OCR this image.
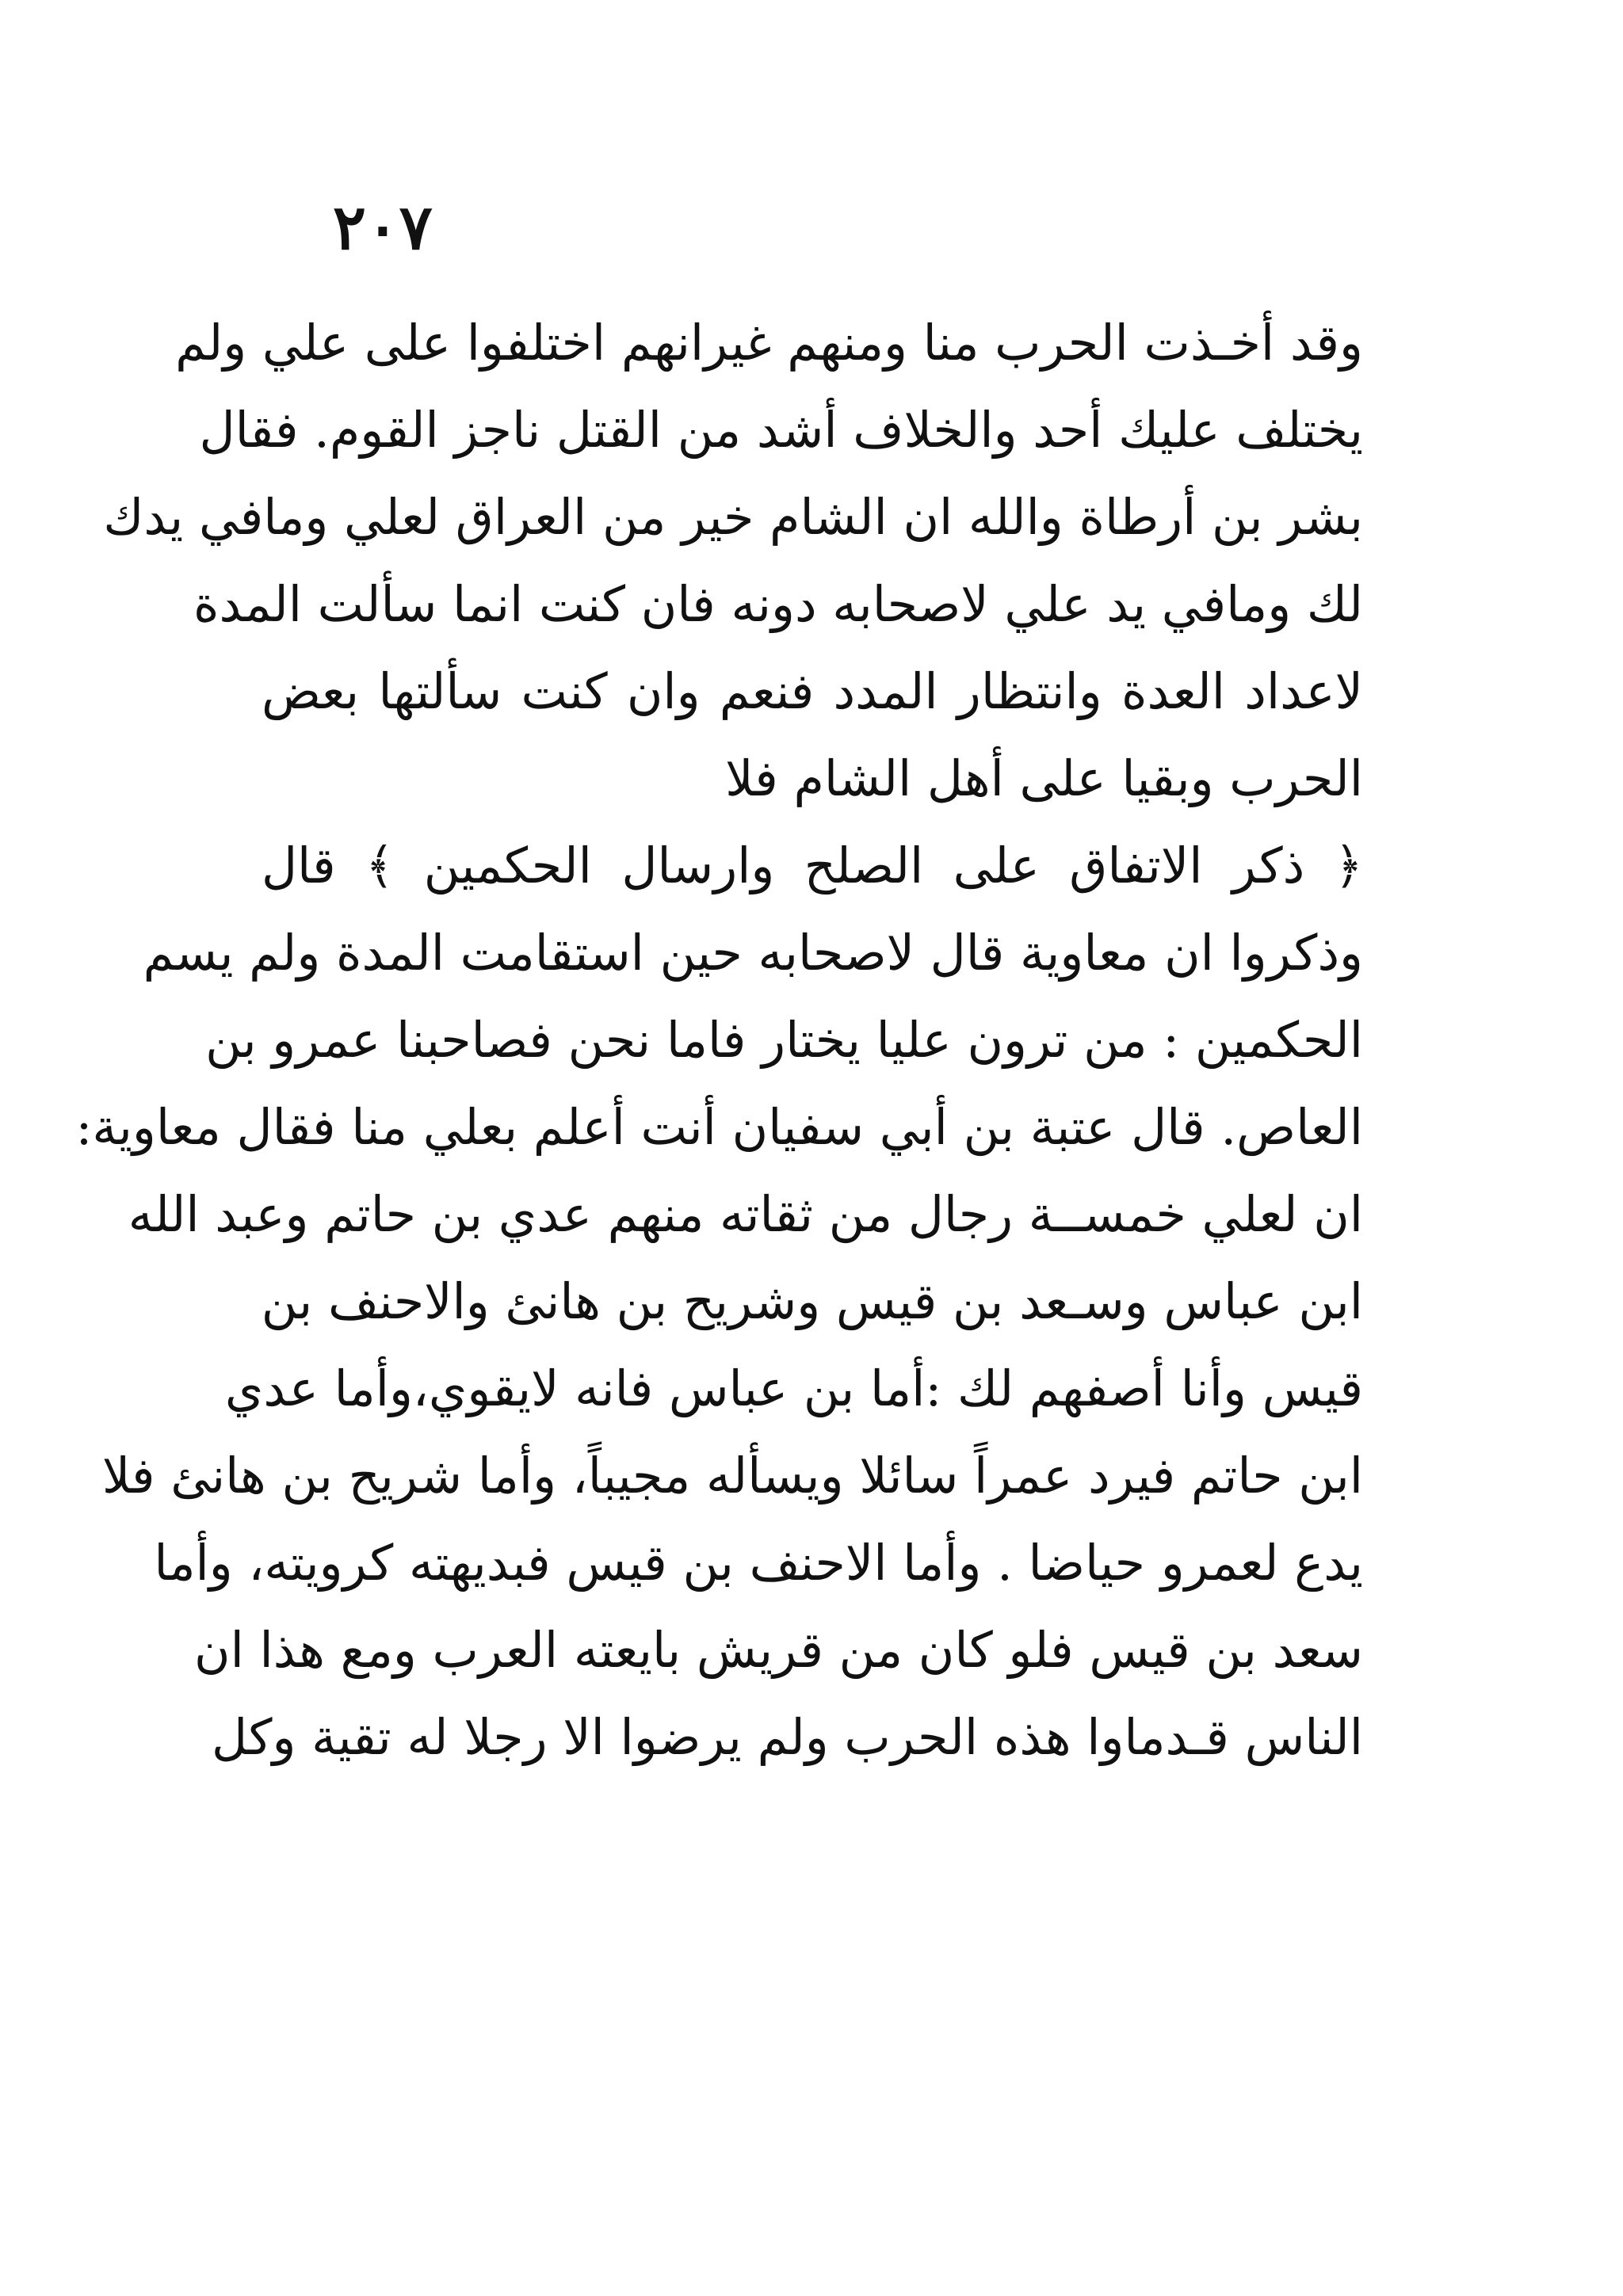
٢٠٧
وقد أخـذت الحرب منا ومنهم غيرانهم اختلفوا على علي ولم
يختلف عليك أحد والخلاف أشد من القتل ناجز القوم. فقال
بشر بن أرطاة والله ان الشام خير من العراق لعلي ومافي يدك
لك ومافي يد علي لاصحابه دونه فان كنت انما سألت المدة
لاعداد العدة وانتظار المدد فنعم وان كنت سألتها بعض
الحرب وبقيا على أهل الشام فلا
﴿ ذكر الاتفاق على الصلح وارسال الحكمين ﴾ قال
وذكروا ان معاوية قال لاصحابه حين استقامت المدة ولم يسم
الحكمين : من ترون عليا يختار فاما نحن فصاحبنا عمرو بن
العاص. قال عتبة بن أبي سفيان أنت أعلم بعلي منا فقال معاوية:
ان لعلي خمســة رجال من ثقاته منهم عدي بن حاتم وعبد الله
ابن عباس وسـعد بن قيس وشريح بن هانئ والاحنف بن
قيس وأنا أصفهم لك :أما بن عباس فانه لايقوي،وأما عدي
ابن حاتم فيرد عمراً سائلا ويسأله مجيباً، وأما شريح بن هانئ فلا
يدع لعمرو حياضا . وأما الاحنف بن قيس فبديهته كرويته، وأما
سعد بن قيس فلو كان من قريش بايعته العرب ومع هذا ان
الناس قـدماوا هذه الحرب ولم يرضوا الا رجلا له تقية وكل
